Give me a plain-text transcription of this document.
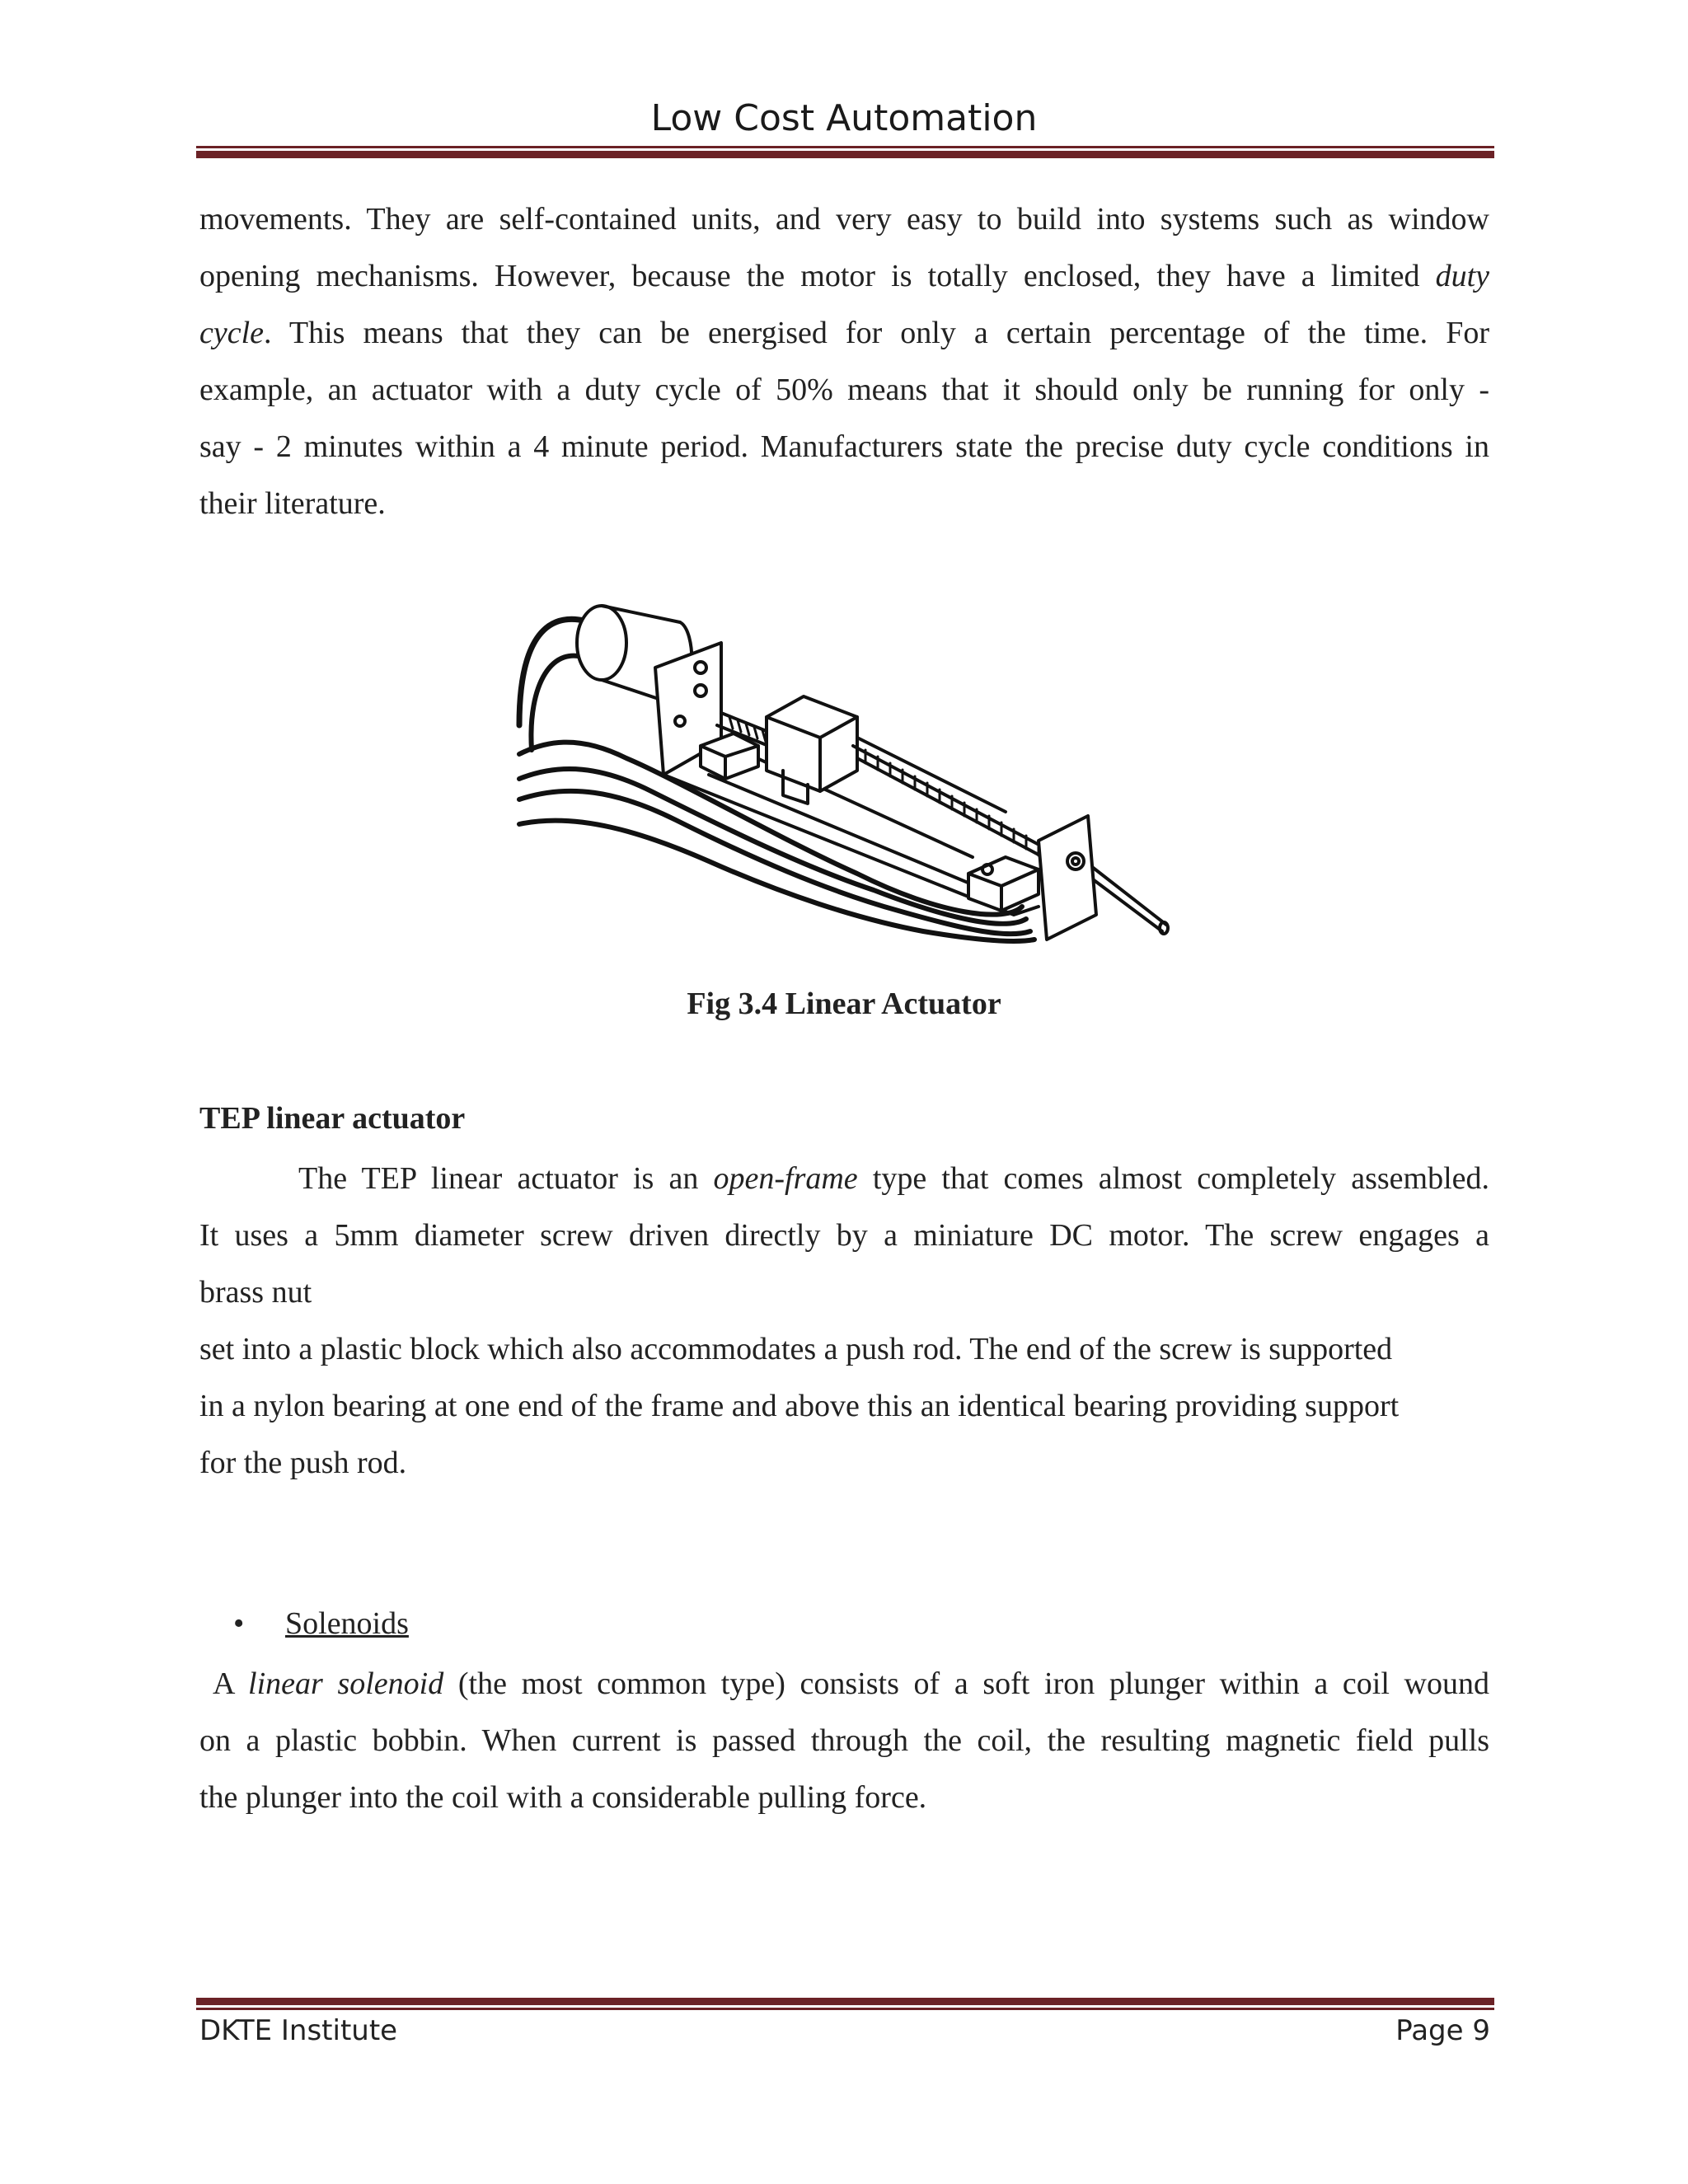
Low Cost Automation
movements. They are self-contained units, and very easy to build into systems such as window
opening mechanisms. However, because the motor is totally enclosed, they have a limited duty
cycle. This means that they can be energised for only a certain percentage of the time. For
example, an actuator with a duty cycle of 50% means that it should only be running for only -
say - 2 minutes within a 4 minute period. Manufacturers state the precise duty cycle conditions in
their literature.
Fig 3.4 Linear Actuator
TEP linear actuator
The TEP linear actuator is an open-frame type that comes almost completely assembled.
It uses a 5mm diameter screw driven directly by a miniature DC motor. The screw engages a
brass nut
set into a plastic block which also accommodates a push rod. The end of the screw is supported
in a nylon bearing at one end of the frame and above this an identical bearing providing support
for the push rod.
• Solenoids
A linear solenoid (the most common type) consists of a soft iron plunger within a coil wound
on a plastic bobbin. When current is passed through the coil, the resulting magnetic field pulls
the plunger into the coil with a considerable pulling force.
DKTE Institute	Page 9
